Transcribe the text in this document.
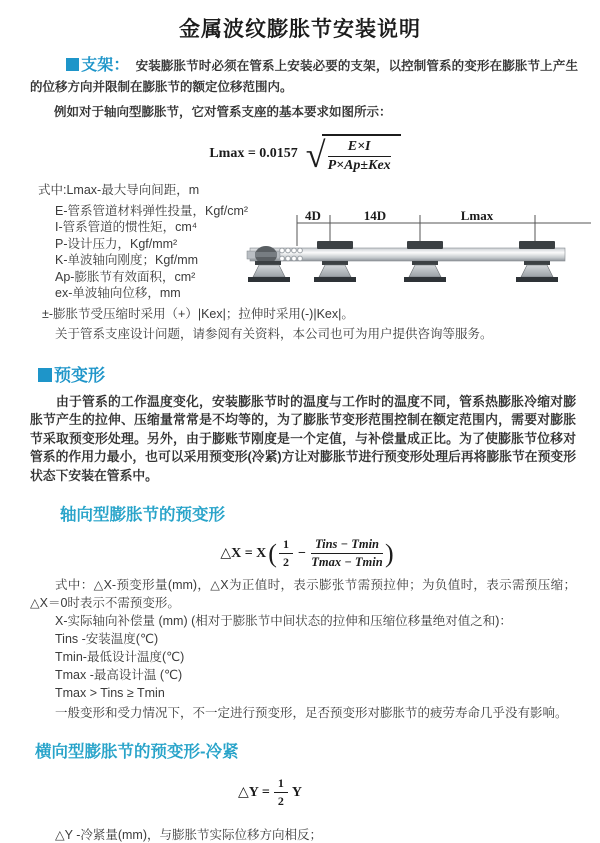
金属波纹膨胀节安装说明

支架： 安装膨胀节时必须在管系上安装必要的支架，以控制管系的变形在膨胀节上产生的位移方向并限制在膨胀节的额定位移范围内。

例如对于轴向型膨胀节，它对管系支座的基本要求如图所示：

Lmax = 0.0157 √ $\frac{E\times I}{\text{P×Ap±Kex}}$
式中:Lmax-最大导向间距，m
E-管系管道材料弹性投量，Kgf/cm²
I-管系管道的惯性矩，cm⁴
P-设计压力，Kgf/mm²
K-单波轴向刚度；Kgf/mm
Ap-膨胀节有效面积，cm²
ex-单波轴向位移，mm
±-膨胀节受压缩时采用（+）|Kex|；拉伸时采用(-)|Kex|。
关于管系支座设计问题，请参阅有关资料，本公司也可为用户提供咨询等服务。
4D	14D	Lmax
预变形

由于管系的工作温度变化，安装膨胀节时的温度与工作时的温度不同，管系热膨胀冷缩对膨胀节产生的拉伸、压缩量常常是不均等的，为了膨胀节变形范围控制在额定范围内，需要对膨胀节采取预变形处理。另外，由于膨账节刚度是一个定值，与补偿量成正比。为了使膨胀节位移对管系的作用力最小，也可以采用预变形(冷紧)方让对膨胀节进行预变形处理后再将膨胀节在预变形状态下安装在管系中。

轴向型膨胀节的预变形
△X = X ( $\frac{1}{2} - \frac{\text{Tins − Tmin}}{Tmax - Tmin}$ )
式中：△X-预变形量(mm)，△X为正值时，表示膨张节需预拉伸；为负值时，表示需预压缩；△X＝0时表示不需预变形。
X-实际轴向补偿量 (mm) (相对于膨胀节中间状态的拉伸和压缩位移量绝对值之和)：
Tins -安装温度(℃)
Tmin-最低设计温度(℃)
Tmax -最高设计温 (℃)
Tmax > Tins ≥ Tmin
一般变形和受力情况下，不一定进行预变形，足否预变形对膨胀节的疲劳寿命几乎没有影响。
横向型膨胀节的预变形-冷紧
△Y = $\frac{1}{2}$ Y
△Y -冷紧量(mm)，与膨胀节实际位移方向相反；
